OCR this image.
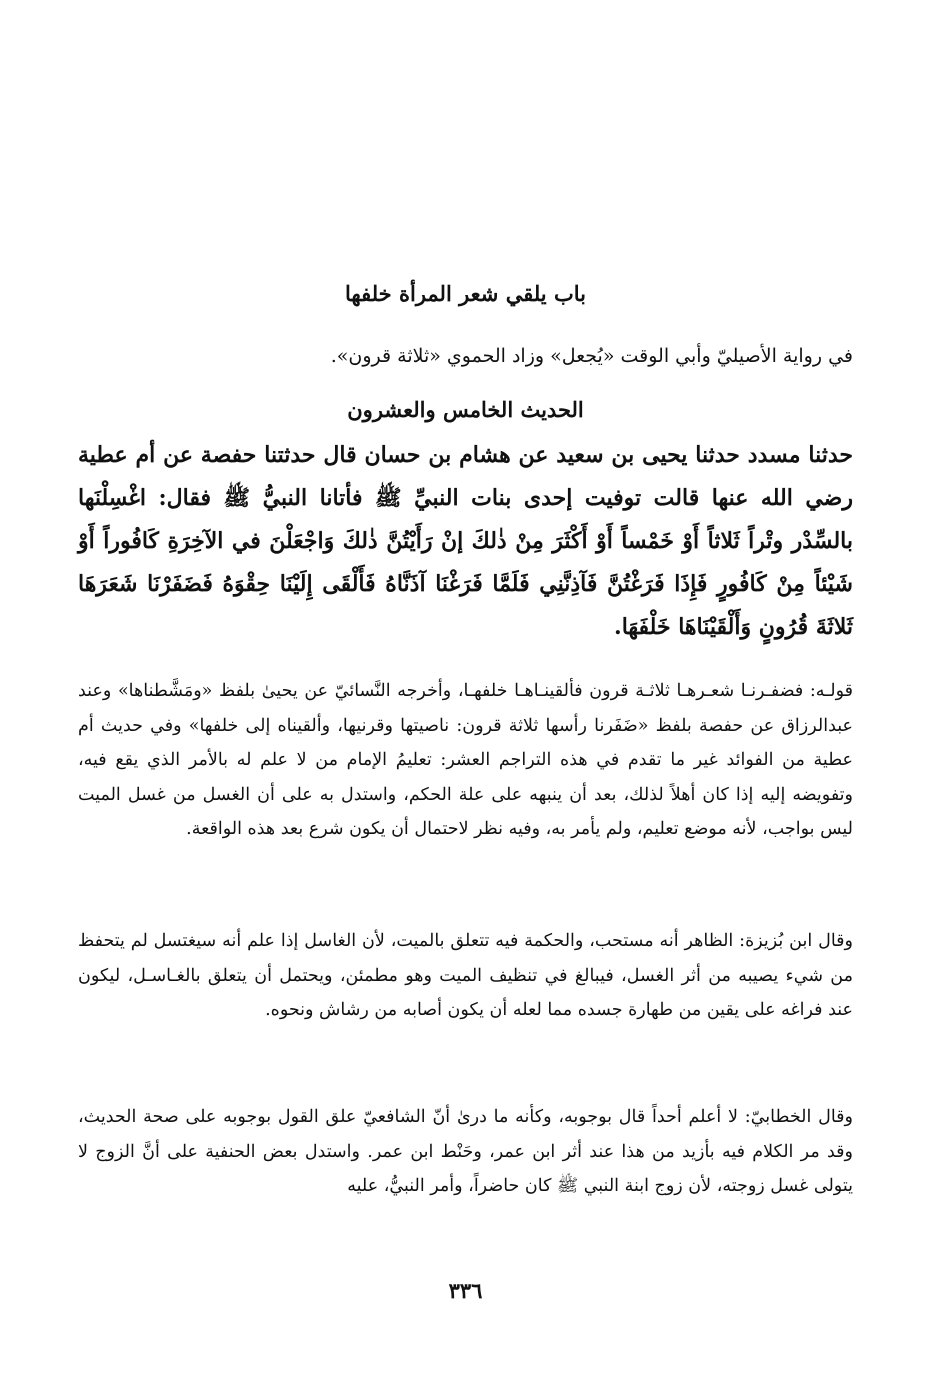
باب يلقي شعر المرأة خلفها
في رواية الأصيليّ وأبي الوقت «يُجعل» وزاد الحموي «ثلاثة قرون».
الحديث الخامس والعشرون
حدثنا مسدد حدثنا يحيى بن سعيد عن هشام بن حسان قال حدثتنا حفصة عن أم عطية رضي الله عنها قالت توفيت إحدى بنات النبيِّ ﷺ فأتانا النبيُّ ﷺ فقال: اغْسِلْنَها بالسِّدْر وتْراً ثَلاثاً أَوْ خَمْساً أَوْ أَكْثَرَ مِنْ ذٰلكَ إنْ رَأَيْتُنَّ ذٰلكَ وَاجْعَلْنَ في الآخِرَةِ كَافُوراً أَوْ شَيْئاً مِنْ كَافُورٍ فَإِذَا فَرَغْتُنَّ فَآذِنَّنِي فَلَمَّا فَرَغْنَا آذَنَّاهُ فَأَلْقَى إِلَيْنَا حِقْوَهُ فَضَفَرْنَا شَعَرَهَا ثَلاثَةَ قُرُونٍ وَأَلْقَيْنَاهَا خَلْفَهَا.
قولـه: فضفـرنـا شعـرهـا ثلاثـة قرون فألقينـاهـا خلفهـا، وأخرجه النَّسائيّ عن يحيىٰ بلفظ «ومَشَّطناها» وعند عبدالرزاق عن حفصة بلفظ «ضَفَرنا رأسها ثلاثة قرون: ناصيتها وقرنيها، وألقيناه إلى خلفها» وفي حديث أم عطية من الفوائد غير ما تقدم في هذه التراجم العشر: تعليمُ الإمام من لا علم له بالأمر الذي يقع فيه، وتفويضه إليه إذا كان أهلاً لذلك، بعد أن ينبهه على علة الحكم، واستدل به على أن الغسل من غسل الميت ليس بواجب، لأنه موضع تعليم، ولم يأمر به، وفيه نظر لاحتمال أن يكون شرع بعد هذه الواقعة.
وقال ابن بُزيزة: الظاهر أنه مستحب، والحكمة فيه تتعلق بالميت، لأن الغاسل إذا علم أنه سيغتسل لم يتحفظ من شيء يصيبه من أثر الغسل، فيبالغ في تنظيف الميت وهو مطمئن، ويحتمل أن يتعلق بالغـاسـل، ليكون عند فراغه على يقين من طهارة جسده مما لعله أن يكون أصابه من رشاش ونحوه.
وقال الخطابيّ: لا أعلم أحداً قال بوجوبه، وكأنه ما درىٰ أنّ الشافعيّ علق القول بوجوبه على صحة الحديث، وقد مر الكلام فيه بأزيد من هذا عند أثر ابن عمر، وحَنْط ابن عمر. واستدل بعض الحنفية على أنَّ الزوج لا يتولى غسل زوجته، لأن زوج ابنة النبي ﷺ كان حاضراً، وأمر النبيُّ، عليه
٣٣٦
